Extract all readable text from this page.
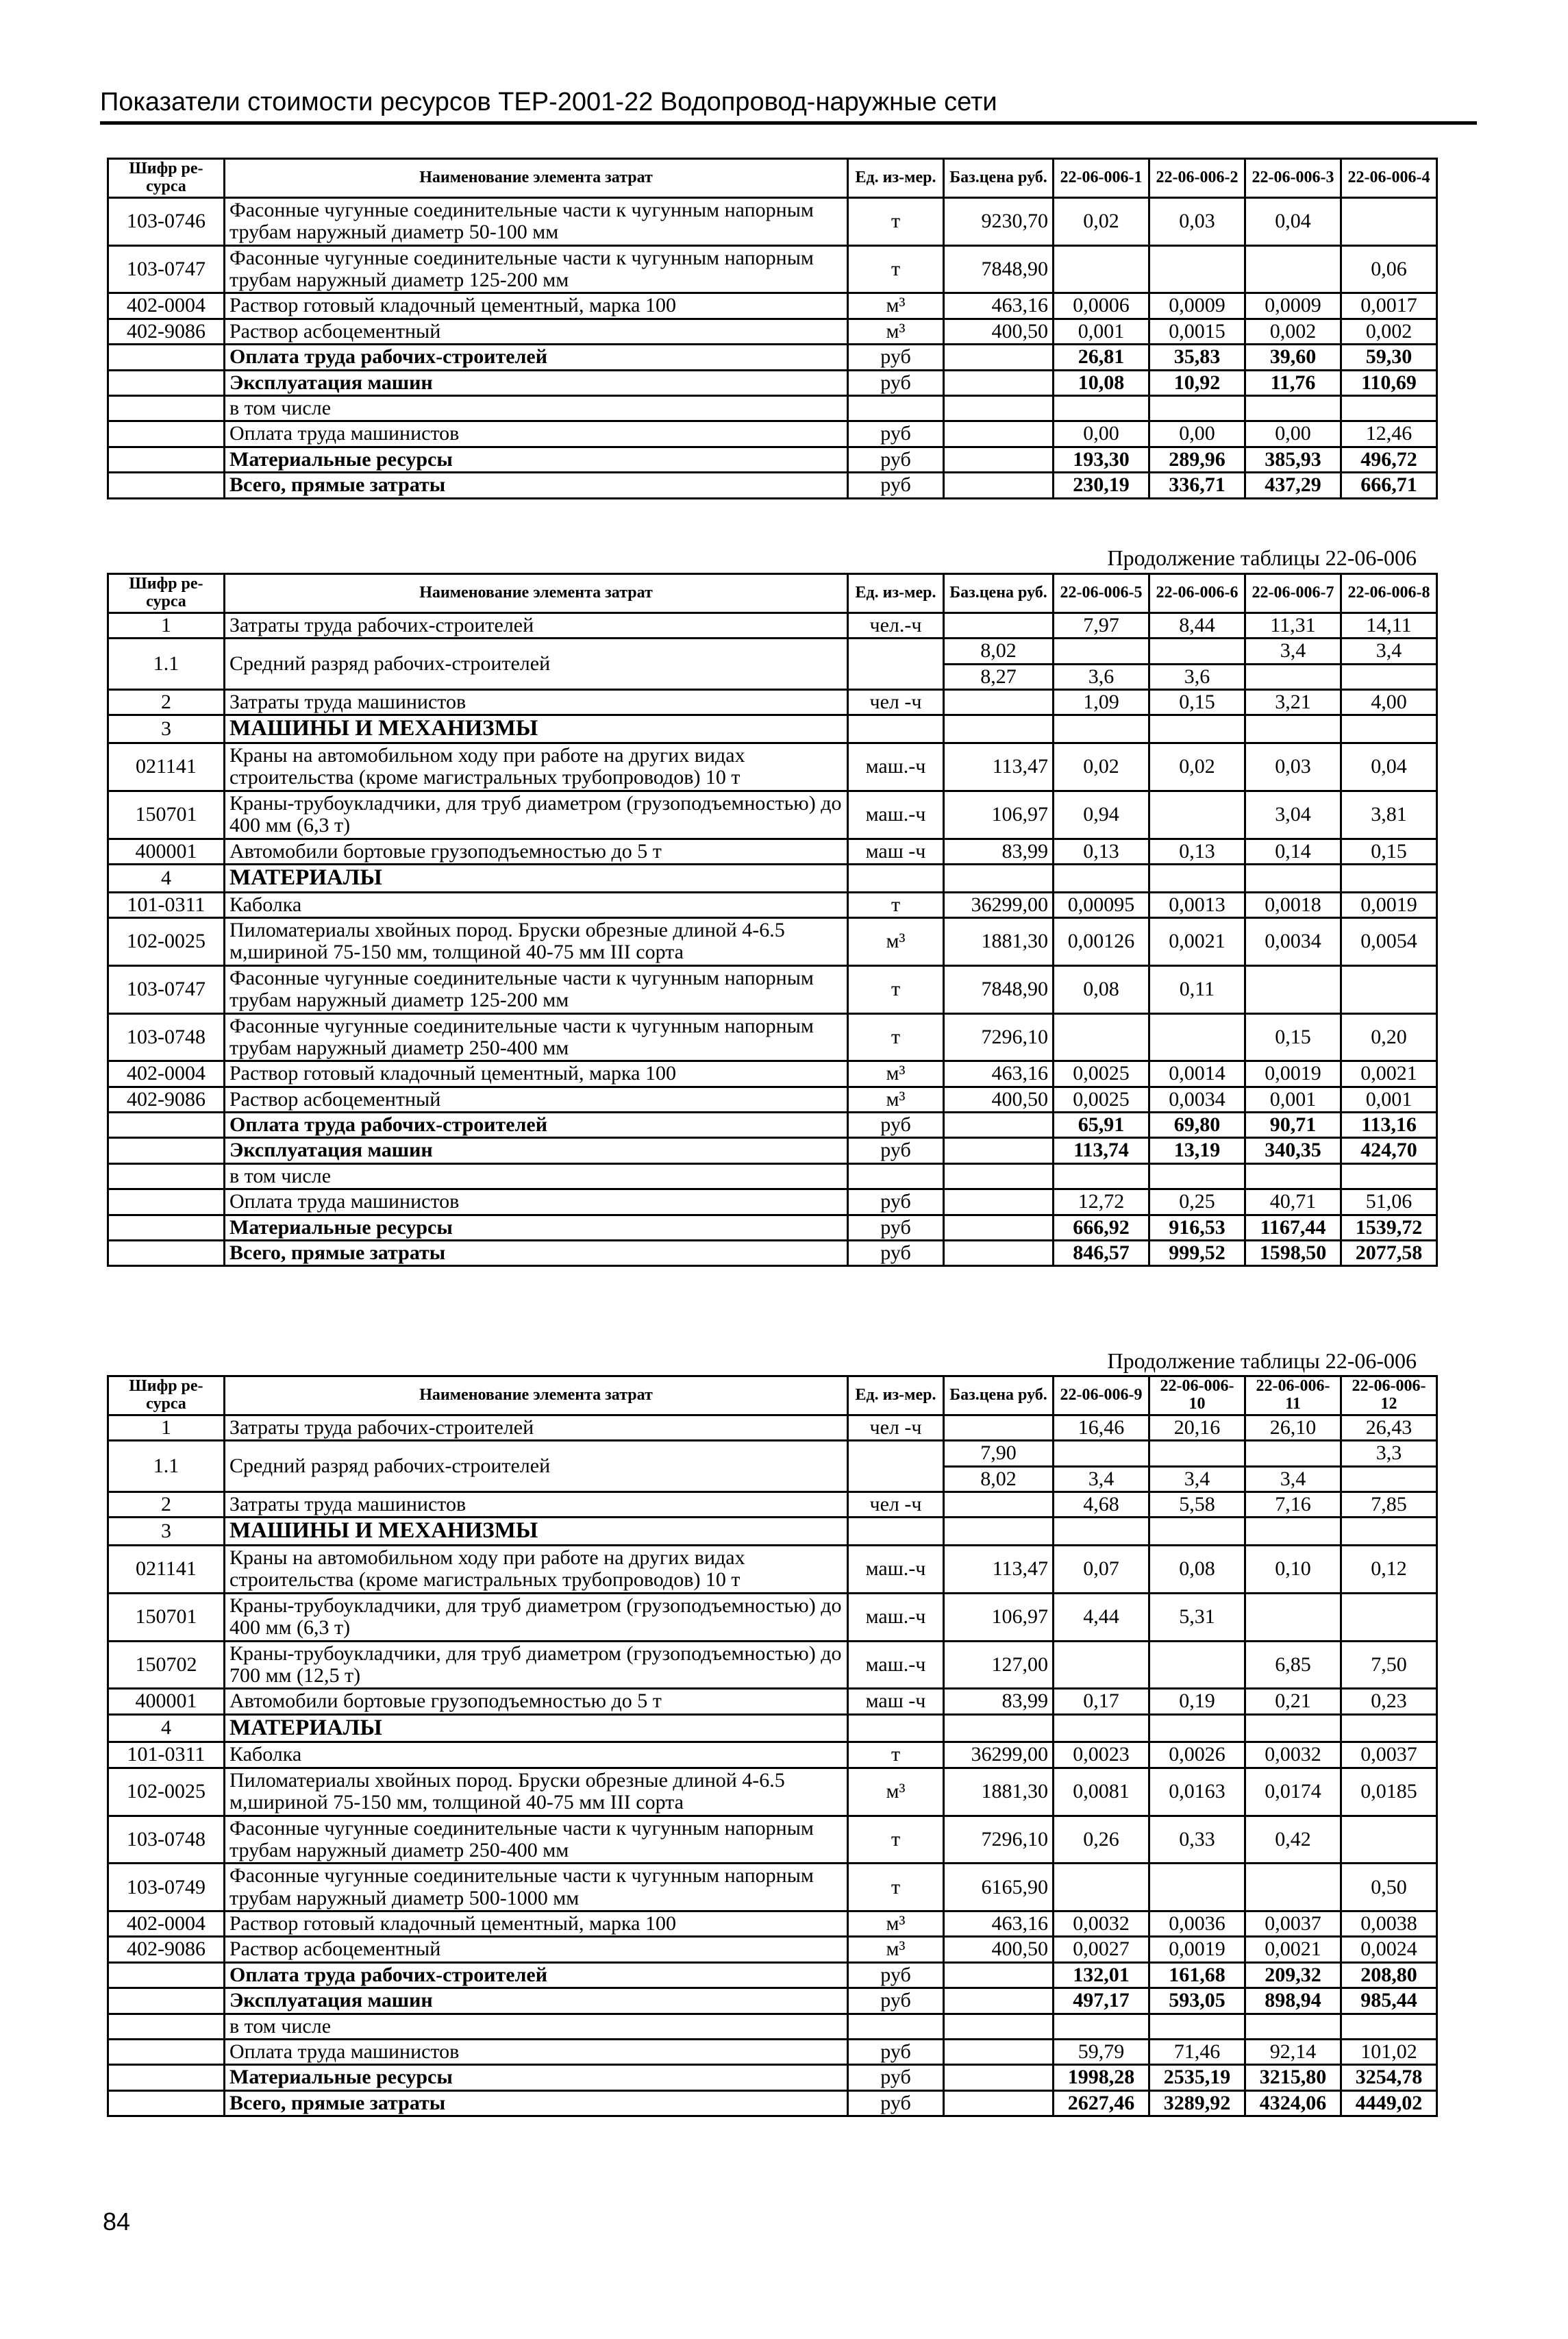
Показатели стоимости ресурсов ТЕР-2001-22 Водопровод-наружные сети
Шифр ре-сурса	Наименование элемента затрат	Ед. из-мер.	Баз.цена руб.	22-06-006-1	22-06-006-2	22-06-006-3	22-06-006-4
103-0746	Фасонные чугунные соединительные части к чугунным напорным трубам наружный диаметр 50-100 мм	т	9230,70	0,02	0,03	0,04	
103-0747	Фасонные чугунные соединительные части к чугунным напорным трубам наружный диаметр 125-200 мм	т	7848,90				0,06
402-0004	Раствор готовый кладочный цементный, марка 100	м³	463,16	0,0006	0,0009	0,0009	0,0017
402-9086	Раствор асбоцементный	м³	400,50	0,001	0,0015	0,002	0,002
	Оплата труда рабочих-строителей	руб		26,81	35,83	39,60	59,30
	Эксплуатация машин	руб		10,08	10,92	11,76	110,69
	в том числе						
	Оплата труда машинистов	руб		0,00	0,00	0,00	12,46
	Материальные ресурсы	руб		193,30	289,96	385,93	496,72
	Всего, прямые затраты	руб		230,19	336,71	437,29	666,71
Продолжение таблицы 22-06-006
Шифр ре-сурса	Наименование элемента затрат	Ед. из-мер.	Баз.цена руб.	22-06-006-5	22-06-006-6	22-06-006-7	22-06-006-8
1	Затраты труда рабочих-строителей	чел.-ч		7,97	8,44	11,31	14,11
1.1	Средний разряд рабочих-строителей		8,02			3,4	3,4
			8,27	3,6	3,6		
2	Затраты труда машинистов	чел -ч		1,09	0,15	3,21	4,00
3	МАШИНЫ И МЕХАНИЗМЫ						
021141	Краны на автомобильном ходу при работе на других видах строительства (кроме магистральных трубопроводов) 10 т	маш.-ч	113,47	0,02	0,02	0,03	0,04
150701	Краны-трубоукладчики, для труб диаметром (грузоподъемностью) до 400 мм (6,3 т)	маш.-ч	106,97	0,94		3,04	3,81
400001	Автомобили бортовые грузоподъемностью до 5 т	маш -ч	83,99	0,13	0,13	0,14	0,15
4	МАТЕРИАЛЫ						
101-0311	Каболка	т	36299,00	0,00095	0,0013	0,0018	0,0019
102-0025	Пиломатериалы хвойных пород. Бруски обрезные длиной 4-6.5 м,шириной 75-150 мм, толщиной 40-75 мм III сорта	м³	1881,30	0,00126	0,0021	0,0034	0,0054
103-0747	Фасонные чугунные соединительные части к чугунным напорным трубам наружный диаметр 125-200 мм	т	7848,90	0,08	0,11		
103-0748	Фасонные чугунные соединительные части к чугунным напорным трубам наружный диаметр 250-400 мм	т	7296,10			0,15	0,20
402-0004	Раствор готовый кладочный цементный, марка 100	м³	463,16	0,0025	0,0014	0,0019	0,0021
402-9086	Раствор асбоцементный	м³	400,50	0,0025	0,0034	0,001	0,001
	Оплата труда рабочих-строителей	руб		65,91	69,80	90,71	113,16
	Эксплуатация машин	руб		113,74	13,19	340,35	424,70
	в том числе						
	Оплата труда машинистов	руб		12,72	0,25	40,71	51,06
	Материальные ресурсы	руб		666,92	916,53	1167,44	1539,72
	Всего, прямые затраты	руб		846,57	999,52	1598,50	2077,58
Продолжение таблицы 22-06-006
Шифр ре-сурса	Наименование элемента затрат	Ед. из-мер.	Баз.цена руб.	22-06-006-9	22-06-006-10	22-06-006-11	22-06-006-12
1	Затраты труда рабочих-строителей	чел -ч		16,46	20,16	26,10	26,43
1.1	Средний разряд рабочих-строителей		7,90				3,3
			8,02	3,4	3,4	3,4	
2	Затраты труда машинистов	чел -ч		4,68	5,58	7,16	7,85
3	МАШИНЫ И МЕХАНИЗМЫ						
021141	Краны на автомобильном ходу при работе на других видах строительства (кроме магистральных трубопроводов) 10 т	маш.-ч	113,47	0,07	0,08	0,10	0,12
150701	Краны-трубоукладчики, для труб диаметром (грузоподъемностью) до 400 мм (6,3 т)	маш.-ч	106,97	4,44	5,31		
150702	Краны-трубоукладчики, для труб диаметром (грузоподъемностью) до 700 мм (12,5 т)	маш.-ч	127,00			6,85	7,50
400001	Автомобили бортовые грузоподъемностью до 5 т	маш -ч	83,99	0,17	0,19	0,21	0,23
4	МАТЕРИАЛЫ						
101-0311	Каболка	т	36299,00	0,0023	0,0026	0,0032	0,0037
102-0025	Пиломатериалы хвойных пород. Бруски обрезные длиной 4-6.5 м,шириной 75-150 мм, толщиной 40-75 мм III сорта	м³	1881,30	0,0081	0,0163	0,0174	0,0185
103-0748	Фасонные чугунные соединительные части к чугунным напорным трубам наружный диаметр 250-400 мм	т	7296,10	0,26	0,33	0,42	
103-0749	Фасонные чугунные соединительные части к чугунным напорным трубам наружный диаметр 500-1000 мм	т	6165,90				0,50
402-0004	Раствор готовый кладочный цементный, марка 100	м³	463,16	0,0032	0,0036	0,0037	0,0038
402-9086	Раствор асбоцементный	м³	400,50	0,0027	0,0019	0,0021	0,0024
	Оплата труда рабочих-строителей	руб		132,01	161,68	209,32	208,80
	Эксплуатация машин	руб		497,17	593,05	898,94	985,44
	в том числе						
	Оплата труда машинистов	руб		59,79	71,46	92,14	101,02
	Материальные ресурсы	руб		1998,28	2535,19	3215,80	3254,78
	Всего, прямые затраты	руб		2627,46	3289,92	4324,06	4449,02
84
